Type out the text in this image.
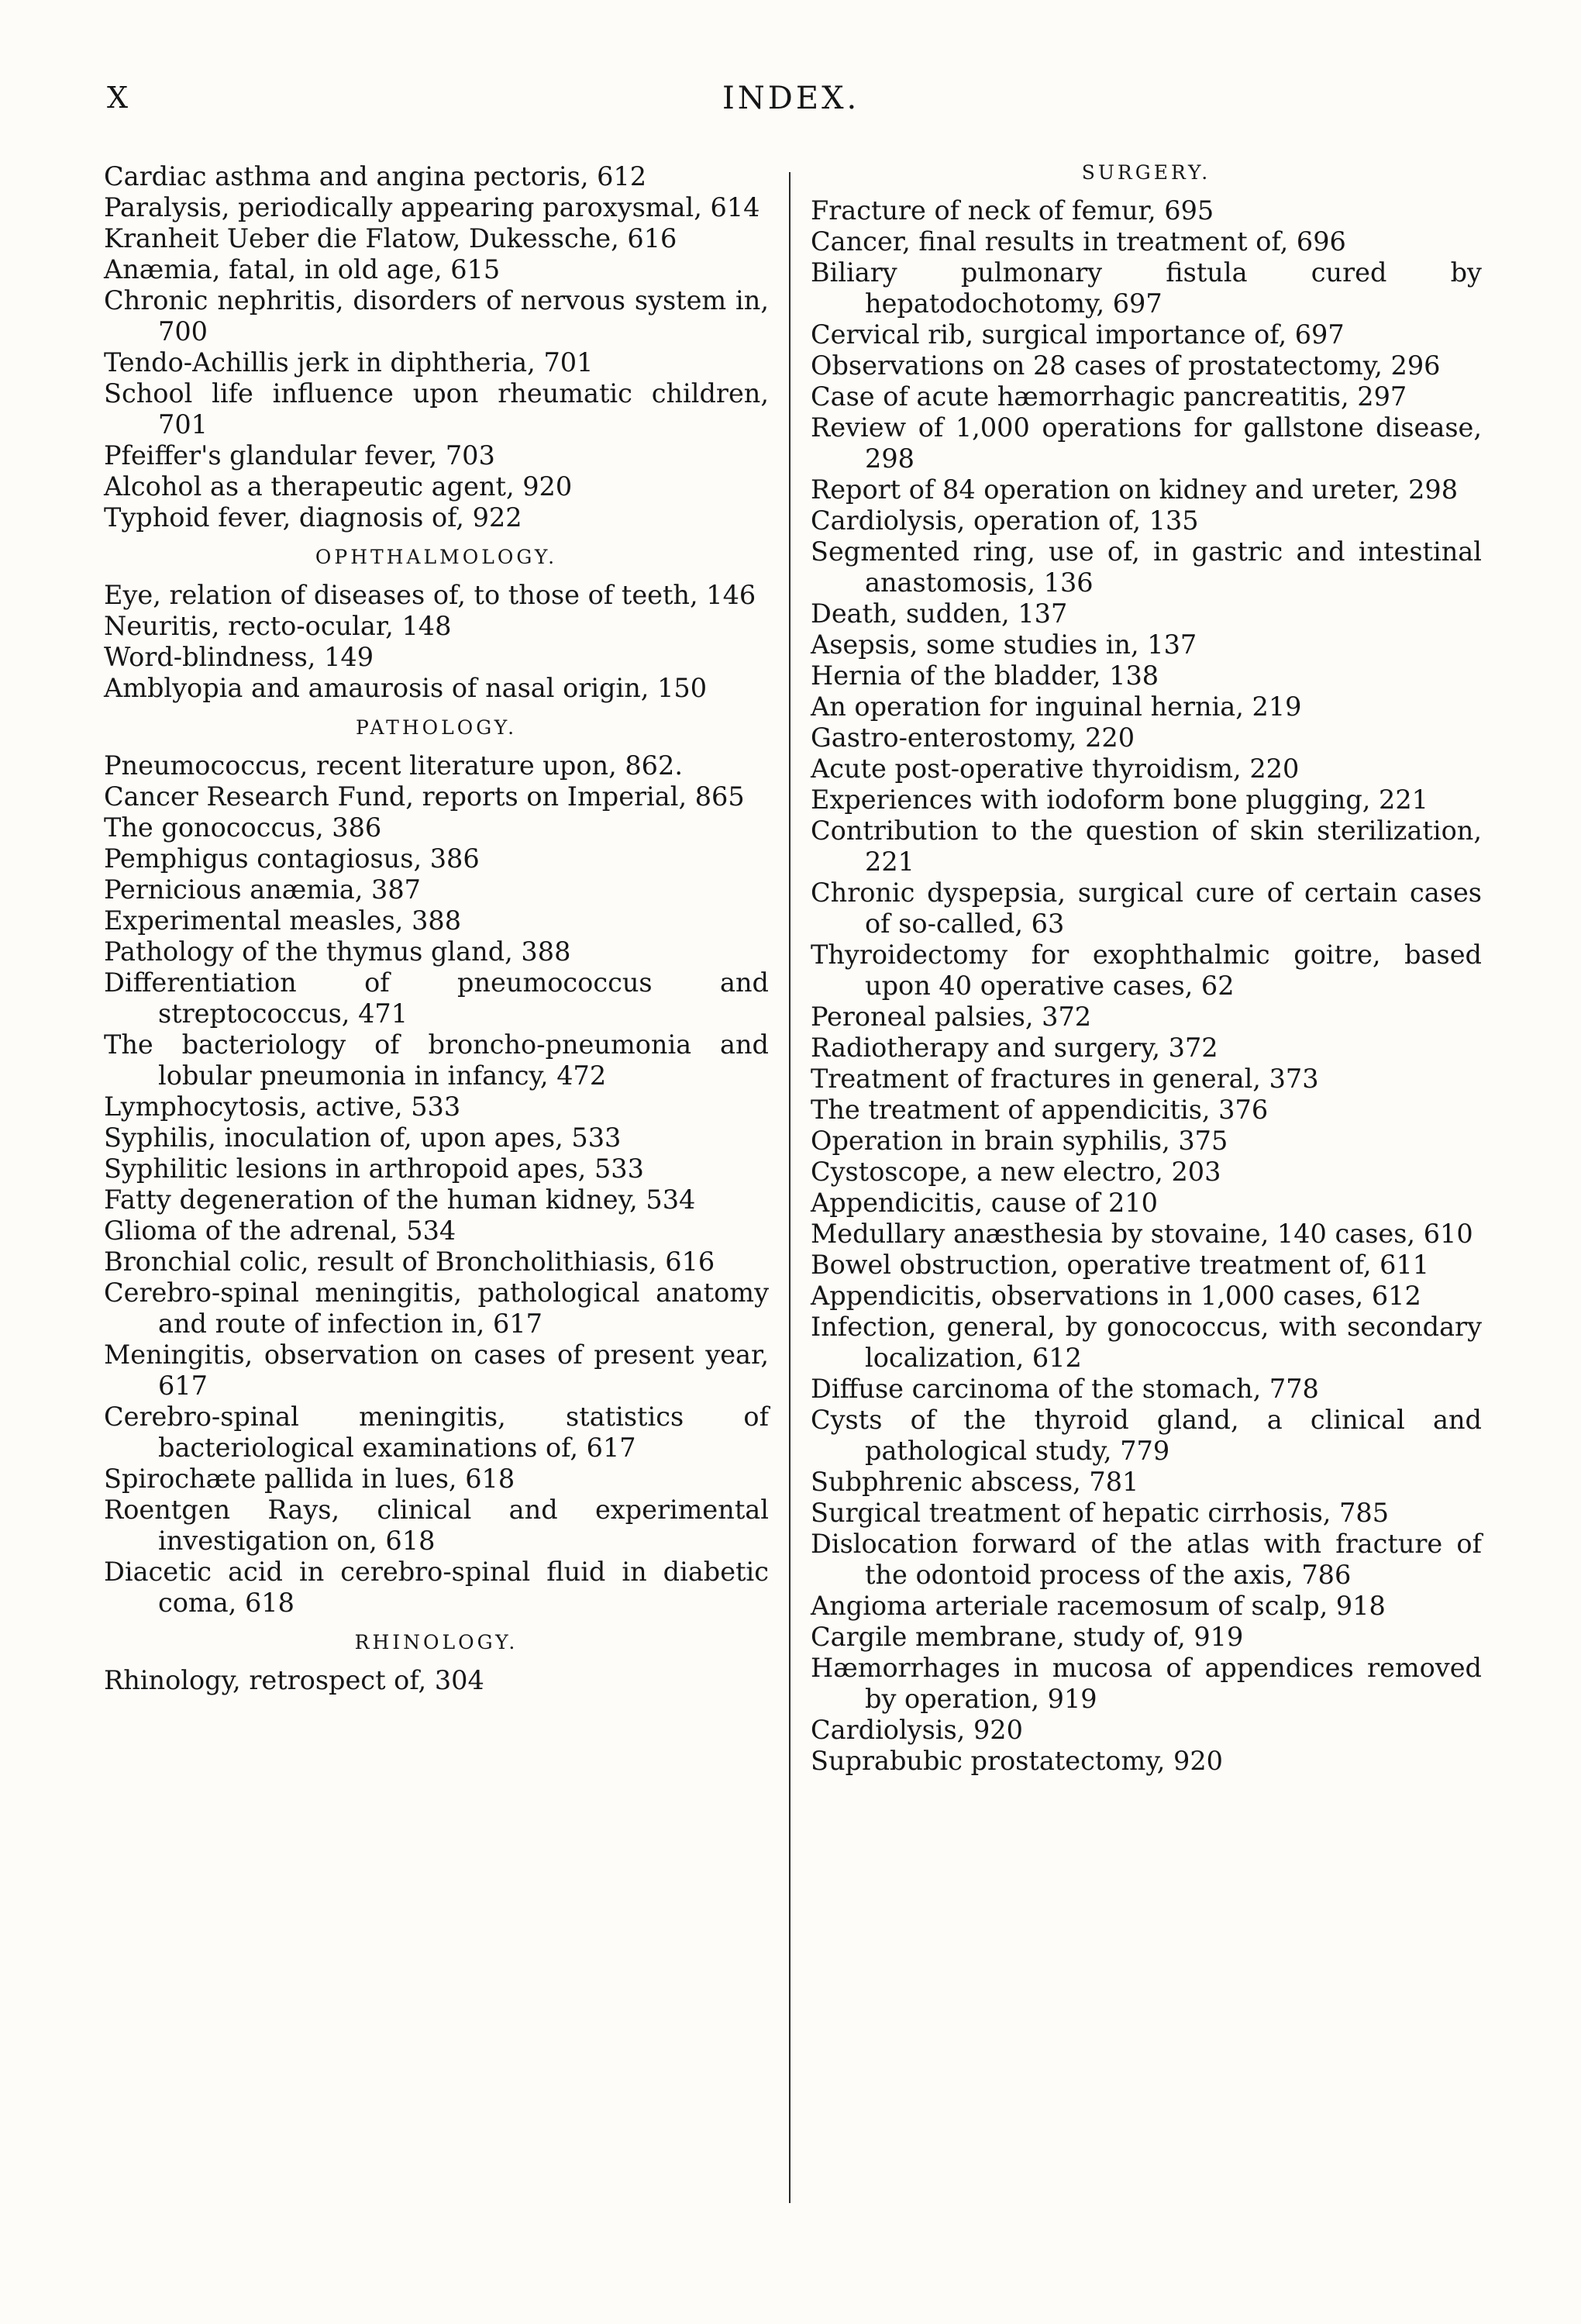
X	INDEX.
Cardiac asthma and angina pectoris, 612
Paralysis, periodically appearing paroxysmal, 614
Kranheit Ueber die Flatow, Dukessche, 616
Anæmia, fatal, in old age, 615
Chronic nephritis, disorders of nervous system in, 700
Tendo-Achillis jerk in diphtheria, 701
School life influence upon rheumatic children, 701
Pfeiffer's glandular fever, 703
Alcohol as a therapeutic agent, 920
Typhoid fever, diagnosis of, 922
OPHTHALMOLOGY.
Eye, relation of diseases of, to those of teeth, 146
Neuritis, recto-ocular, 148
Word-blindness, 149
Amblyopia and amaurosis of nasal origin, 150
PATHOLOGY.
Pneumococcus, recent literature upon, 862.
Cancer Research Fund, reports on Imperial, 865
The gonococcus, 386
Pemphigus contagiosus, 386
Pernicious anæmia, 387
Experimental measles, 388
Pathology of the thymus gland, 388
Differentiation of pneumococcus and streptococcus, 471
The bacteriology of broncho-pneumonia and lobular pneumonia in infancy, 472
Lymphocytosis, active, 533
Syphilis, inoculation of, upon apes, 533
Syphilitic lesions in arthropoid apes, 533
Fatty degeneration of the human kidney, 534
Glioma of the adrenal, 534
Bronchial colic, result of Broncholithiasis, 616
Cerebro-spinal meningitis, pathological anatomy and route of infection in, 617
Meningitis, observation on cases of present year, 617
Cerebro-spinal meningitis, statistics of bacteriological examinations of, 617
Spirochæte pallida in lues, 618
Roentgen Rays, clinical and experimental investigation on, 618
Diacetic acid in cerebro-spinal fluid in diabetic coma, 618
RHINOLOGY.
Rhinology, retrospect of, 304
SURGERY.
Fracture of neck of femur, 695
Cancer, final results in treatment of, 696
Biliary pulmonary fistula cured by hepatodochotomy, 697
Cervical rib, surgical importance of, 697
Observations on 28 cases of prostatectomy, 296
Case of acute hæmorrhagic pancreatitis, 297
Review of 1,000 operations for gallstone disease, 298
Report of 84 operation on kidney and ureter, 298
Cardiolysis, operation of, 135
Segmented ring, use of, in gastric and intestinal anastomosis, 136
Death, sudden, 137
Asepsis, some studies in, 137
Hernia of the bladder, 138
An operation for inguinal hernia, 219
Gastro-enterostomy, 220
Acute post-operative thyroidism, 220
Experiences with iodoform bone plugging, 221
Contribution to the question of skin sterilization, 221
Chronic dyspepsia, surgical cure of certain cases of so-called, 63
Thyroidectomy for exophthalmic goitre, based upon 40 operative cases, 62
Peroneal palsies, 372
Radiotherapy and surgery, 372
Treatment of fractures in general, 373
The treatment of appendicitis, 376
Operation in brain syphilis, 375
Cystoscope, a new electro, 203
Appendicitis, cause of 210
Medullary anæsthesia by stovaine, 140 cases, 610
Bowel obstruction, operative treatment of, 611
Appendicitis, observations in 1,000 cases, 612
Infection, general, by gonococcus, with secondary localization, 612
Diffuse carcinoma of the stomach, 778
Cysts of the thyroid gland, a clinical and pathological study, 779
Subphrenic abscess, 781
Surgical treatment of hepatic cirrhosis, 785
Dislocation forward of the atlas with fracture of the odontoid process of the axis, 786
Angioma arteriale racemosum of scalp, 918
Cargile membrane, study of, 919
Hæmorrhages in mucosa of appendices removed by operation, 919
Cardiolysis, 920
Suprabubic prostatectomy, 920
